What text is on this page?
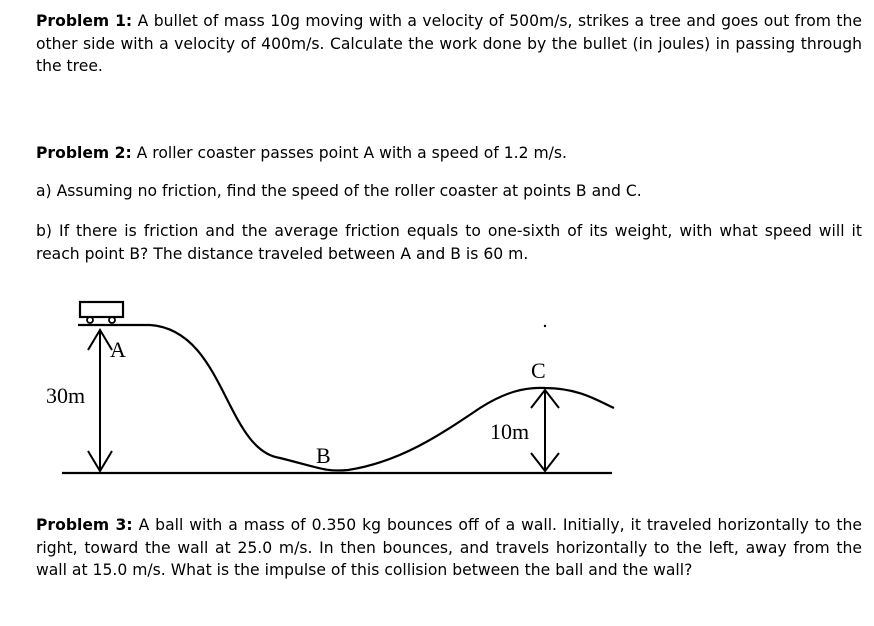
Problem 1: A bullet of mass 10g moving with a velocity of 500m/s, strikes a tree and goes out from the other side with a velocity of 400m/s. Calculate the work done by the bullet (in joules) in passing through the tree.

Problem 2: A roller coaster passes point A with a speed of 1.2 m/s.

a) Assuming no friction, find the speed of the roller coaster at points B and C.

b) If there is friction and the average friction equals to one-sixth of its weight, with what speed will it reach point B? The distance traveled between A and B is 60 m.

A
B
C
30m
10m

Problem 3: A ball with a mass of 0.350 kg bounces off of a wall. Initially, it traveled horizontally to the right, toward the wall at 25.0 m/s. In then bounces, and travels horizontally to the left, away from the wall at 15.0 m/s. What is the impulse of this collision between the ball and the wall?
